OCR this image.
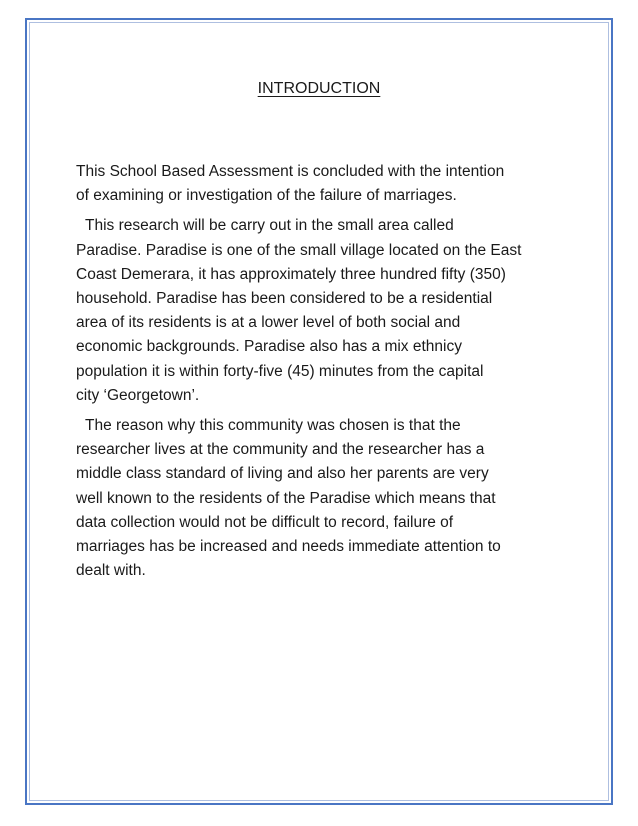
INTRODUCTION

This School Based Assessment is concluded with the intention
of examining or investigation of the failure of marriages.

This research will be carry out in the small area called
Paradise. Paradise is one of the small village located on the East
Coast Demerara, it has approximately three hundred fifty (350)
household. Paradise has been considered to be a residential
area of its residents is at a lower level of both social and
economic backgrounds. Paradise also has a mix ethnicy
population it is within forty-five (45) minutes from the capital
city ‘Georgetown’.

The reason why this community was chosen is that the
researcher lives at the community and the researcher has a
middle class standard of living and also her parents are very
well known to the residents of the Paradise which means that
data collection would not be difficult to record, failure of
marriages has be increased and needs immediate attention to
dealt with.
